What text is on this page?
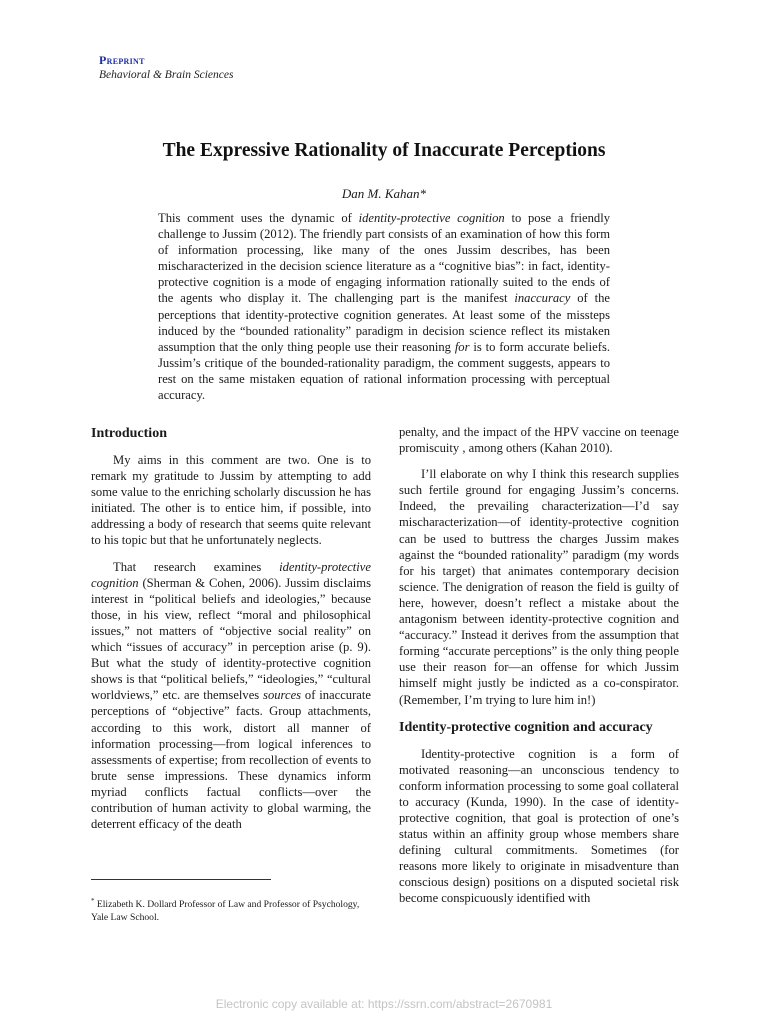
Preprint
Behavioral & Brain Sciences
The Expressive Rationality of Inaccurate Perceptions
Dan M. Kahan*

This comment uses the dynamic of identity-protective cognition to pose a friendly challenge to Jussim (2012). The friendly part consists of an examination of how this form of information processing, like many of the ones Jussim describes, has been mischaracterized in the decision science literature as a “cognitive bias”: in fact, identity-protective cognition is a mode of engaging information rationally suited to the ends of the agents who display it. The challenging part is the manifest inaccuracy of the perceptions that identity-protective cognition generates. At least some of the missteps induced by the “bounded rationality” paradigm in decision science reflect its mistaken assumption that the only thing people use their reasoning for is to form accurate beliefs. Jussim’s critique of the bounded-rationality paradigm, the comment suggests, appears to rest on the same mistaken equation of rational information processing with perceptual accuracy.

Introduction

My aims in this comment are two. One is to remark my gratitude to Jussim by attempting to add some value to the enriching scholarly discussion he has initiated. The other is to entice him, if possible, into addressing a body of research that seems quite relevant to his topic but that he unfortunately neglects.

That research examines identity-protective cognition (Sherman & Cohen, 2006). Jussim disclaims interest in “political beliefs and ideologies,” because those, in his view, reflect “moral and philosophical issues,” not matters of “objective social reality” on which “issues of accuracy” in perception arise (p. 9). But what the study of identity-protective cognition shows is that “political beliefs,” “ideologies,” “cultural worldviews,” etc. are themselves sources of inaccurate perceptions of “objective” facts. Group attachments, according to this work, distort all manner of information processing—from logical inferences to assessments of expertise; from recollection of events to brute sense impressions. These dynamics inform myriad conflicts factual conflicts—over the contribution of human activity to global warming, the deterrent efficacy of the death

penalty, and the impact of the HPV vaccine on teenage promiscuity , among others (Kahan 2010).

I’ll elaborate on why I think this research supplies such fertile ground for engaging Jussim’s concerns. Indeed, the prevailing characterization—I’d say mischaracterization—of identity-protective cognition can be used to buttress the charges Jussim makes against the “bounded rationality” paradigm (my words for his target) that animates contemporary decision science. The denigration of reason the field is guilty of here, however, doesn’t reflect a mistake about the antagonism between identity-protective cognition and “accuracy.” Instead it derives from the assumption that forming “accurate perceptions” is the only thing people use their reason for—an offense for which Jussim himself might justly be indicted as a co-conspirator. (Remember, I’m trying to lure him in!)

Identity-protective cognition and accuracy

Identity-protective cognition is a form of motivated reasoning—an unconscious tendency to conform information processing to some goal collateral to accuracy (Kunda, 1990). In the case of identity-protective cognition, that goal is protection of one’s status within an affinity group whose members share defining cultural commitments. Sometimes (for reasons more likely to originate in misadventure than conscious design) positions on a disputed societal risk become conspicuously identified with

* Elizabeth K. Dollard Professor of Law and Professor of Psychology, Yale Law School.
Electronic copy available at: https://ssrn.com/abstract=2670981
